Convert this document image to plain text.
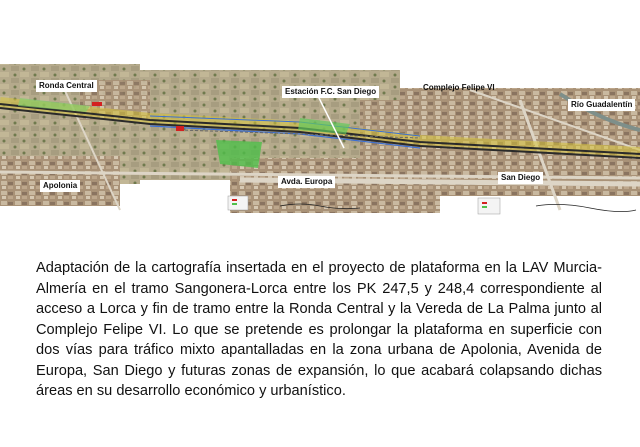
Ronda Central
Estación F.C. San Diego	Complejo Felipe VI
Río Guadalentín
Apolonia	Avda. Europa	San Diego

Adaptación de la cartografía insertada en el proyecto de plataforma en la LAV Murcia-Almería en el tramo Sangonera-Lorca entre los PK 247,5 y 248,4 correspondiente al acceso a Lorca y fin de tramo entre la Ronda Central y la Vereda de La Palma junto al Complejo Felipe VI. Lo que se pretende es prolongar la plataforma en superficie con dos vías para tráfico mixto apantalladas en la zona urbana de Apolonia, Avenida de Europa, San Diego y futuras zonas de expansión, lo que acabará colapsando dichas áreas en su desarrollo económico y urbanístico.
